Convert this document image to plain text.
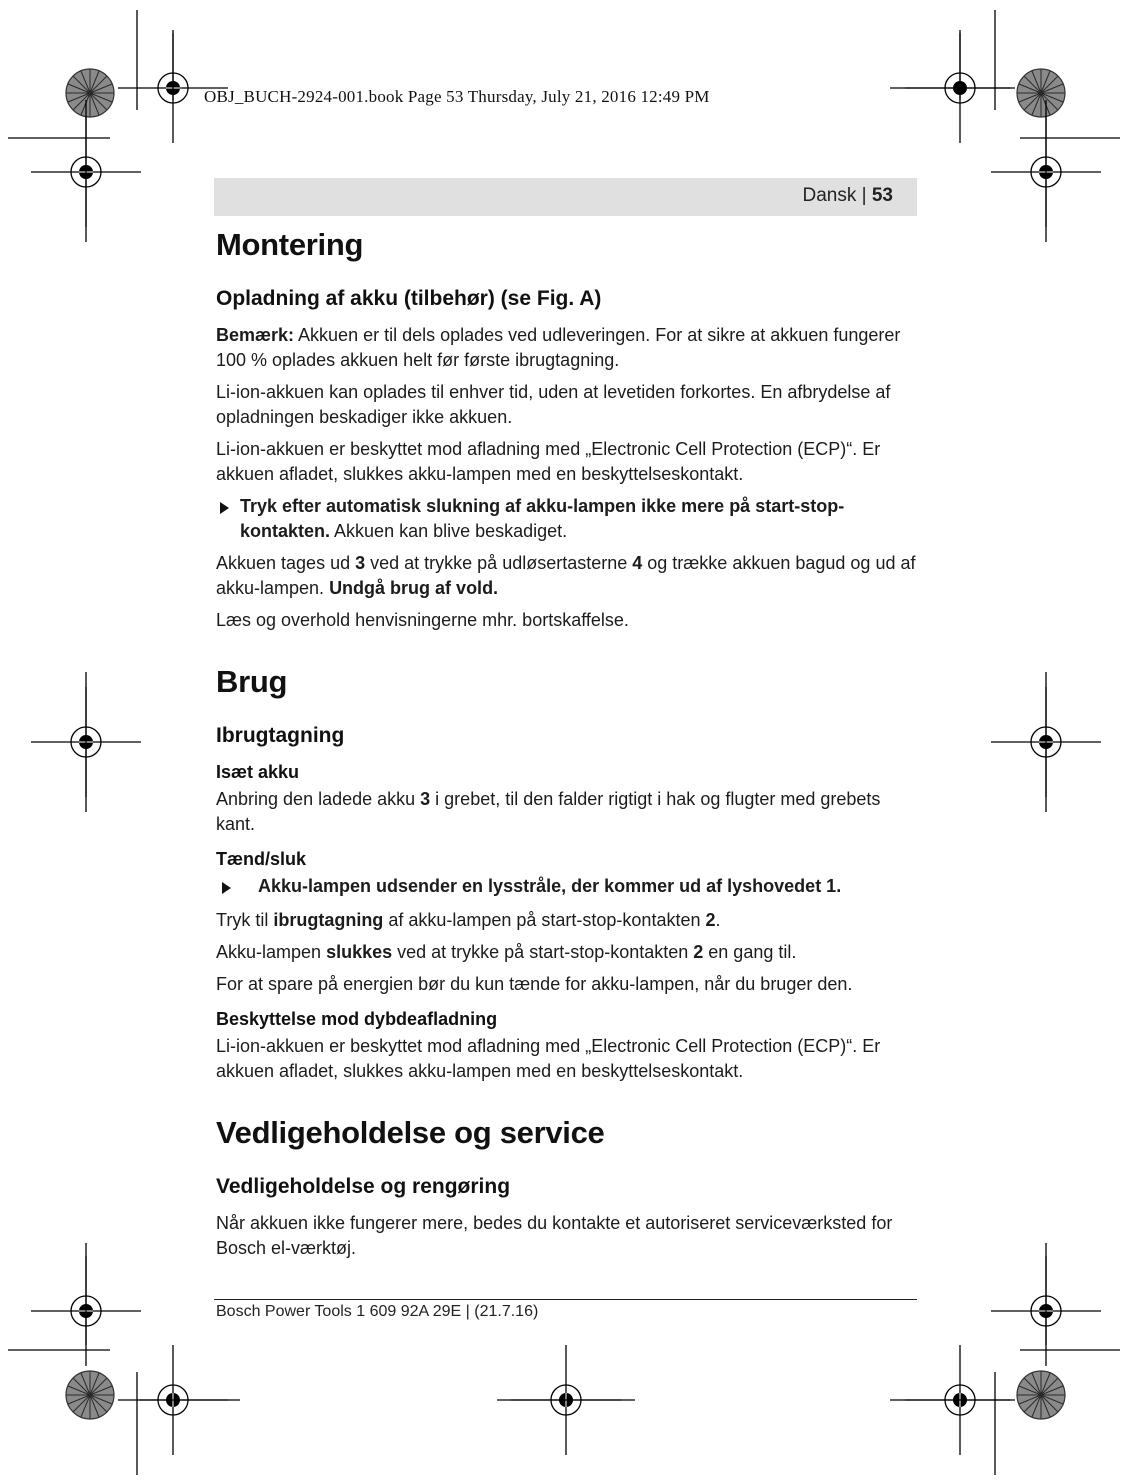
OBJ_BUCH-2924-001.book Page 53 Thursday, July 21, 2016 12:49 PM
Dansk | 53
Montering
Opladning af akku (tilbehør) (se Fig. A)

Bemærk: Akkuen er til dels oplades ved udleveringen. For at sikre at akkuen fungerer 100 % oplades akkuen helt før første ibrugtagning.

Li-ion-akkuen kan oplades til enhver tid, uden at levetiden forkortes. En afbrydelse af opladningen beskadiger ikke akkuen.

Li-ion-akkuen er beskyttet mod afladning med „Electronic Cell Protection (ECP)“. Er akkuen afladet, slukkes akku-lampen med en beskyttelseskontakt.

Tryk efter automatisk slukning af akku-lampen ikke mere på start-stop-kontakten. Akkuen kan blive beskadiget.

Akkuen tages ud 3 ved at trykke på udløsertasterne 4 og trække akkuen bagud og ud af akku-lampen. Undgå brug af vold.

Læs og overhold henvisningerne mhr. bortskaffelse.

Brug
Ibrugtagning
Isæt akku

Anbring den ladede akku 3 i grebet, til den falder rigtigt i hak og flugter med grebets kant.

Tænd/sluk
Akku-lampen udsender en lysstråle, der kommer ud af lyshovedet 1.

Tryk til ibrugtagning af akku-lampen på start-stop-kontakten 2.

Akku-lampen slukkes ved at trykke på start-stop-kontakten 2 en gang til.

For at spare på energien bør du kun tænde for akku-lampen, når du bruger den.

Beskyttelse mod dybdeafladning

Li-ion-akkuen er beskyttet mod afladning med „Electronic Cell Protection (ECP)“. Er akkuen afladet, slukkes akku-lampen med en beskyttelseskontakt.

Vedligeholdelse og service
Vedligeholdelse og rengøring

Når akkuen ikke fungerer mere, bedes du kontakte et autoriseret serviceværksted for Bosch el-værktøj.

Bosch Power Tools 1 609 92A 29E | (21.7.16)
